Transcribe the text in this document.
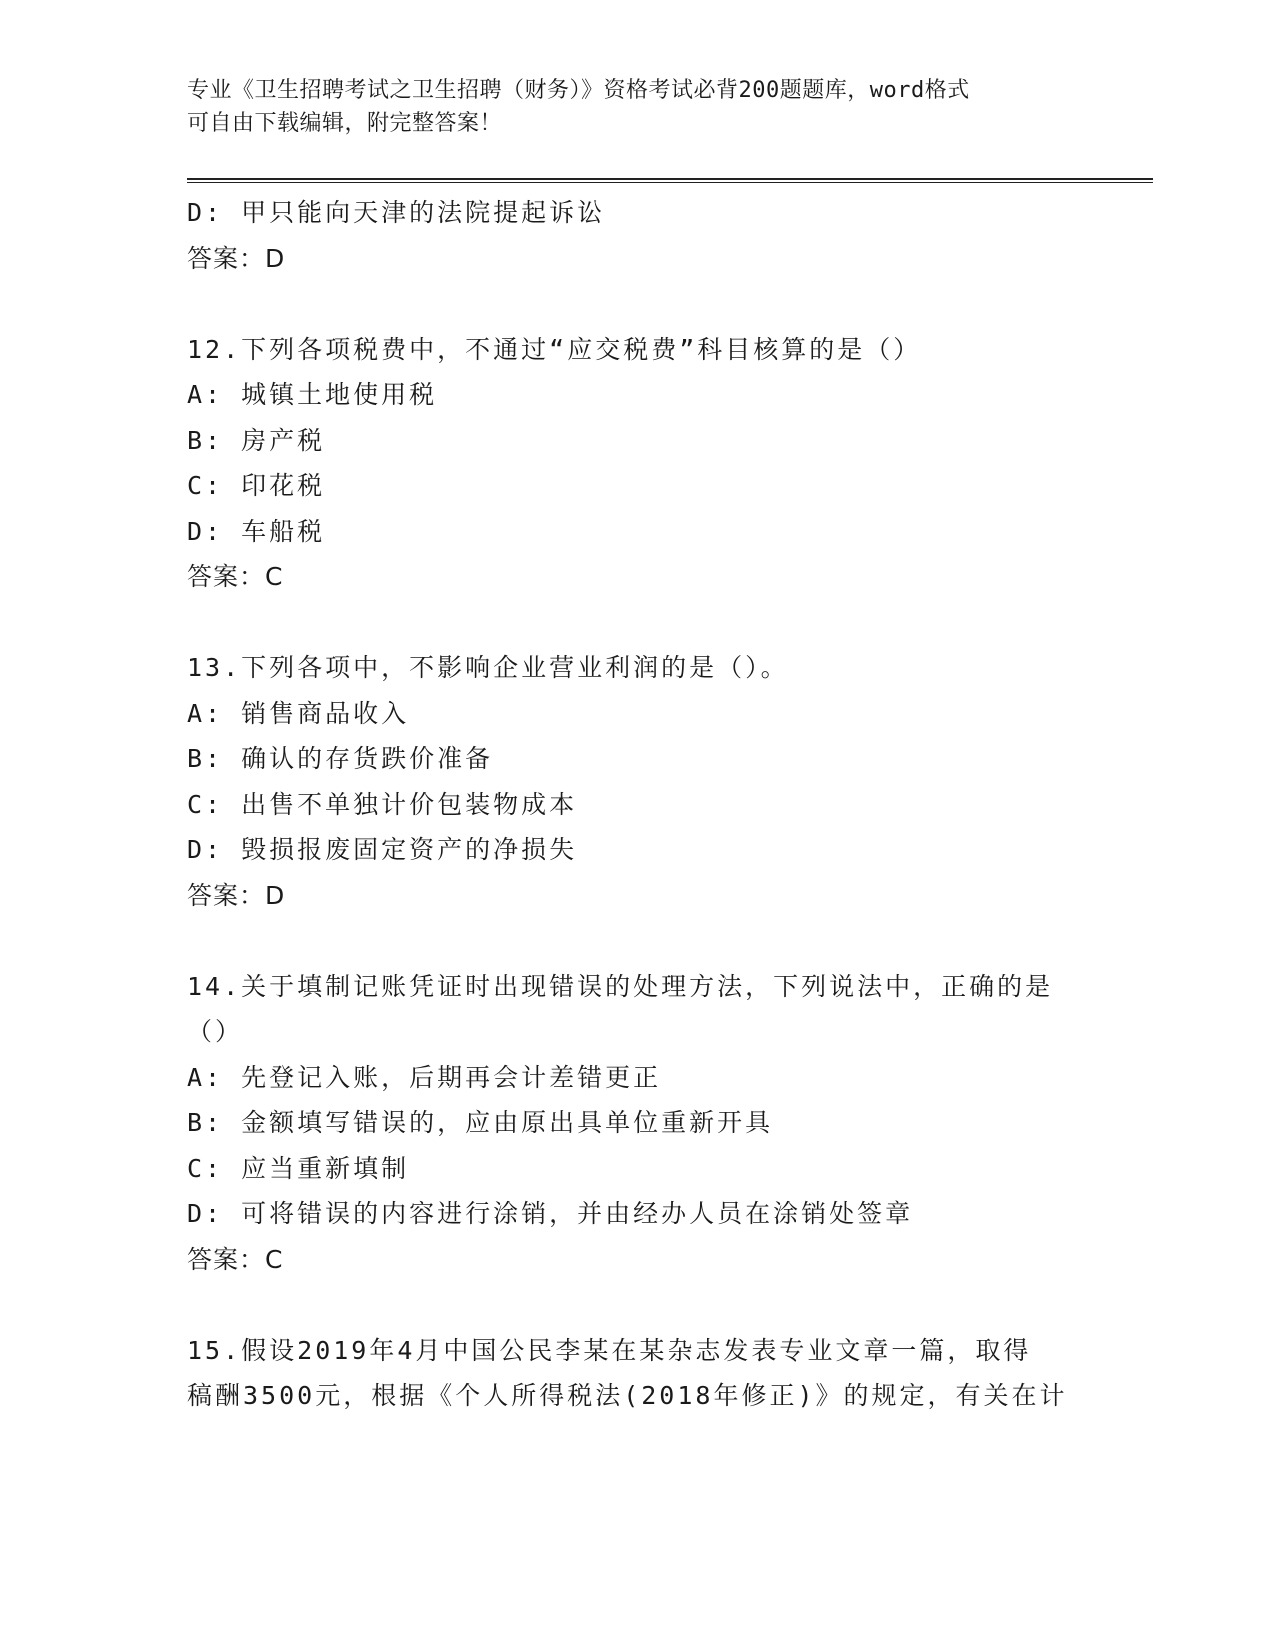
专业《卫生招聘考试之卫生招聘（财务）》资格考试必背200题题库，word格式
可自由下载编辑，附完整答案！
D: 甲只能向天津的法院提起诉讼
答案：D
12.下列各项税费中，不通过“应交税费”科目核算的是（）
A: 城镇土地使用税
B: 房产税
C: 印花税
D: 车船税
答案：C
13.下列各项中，不影响企业营业利润的是（）。
A: 销售商品收入
B: 确认的存货跌价准备
C: 出售不单独计价包装物成本
D: 毁损报废固定资产的净损失
答案：D
14.关于填制记账凭证时出现错误的处理方法，下列说法中，正确的是
（）
A: 先登记入账，后期再会计差错更正
B: 金额填写错误的，应由原出具单位重新开具
C: 应当重新填制
D: 可将错误的内容进行涂销，并由经办人员在涂销处签章
答案：C
15.假设2019年4月中国公民李某在某杂志发表专业文章一篇，取得
稿酬3500元，根据《个人所得税法(2018年修正)》的规定，有关在计
